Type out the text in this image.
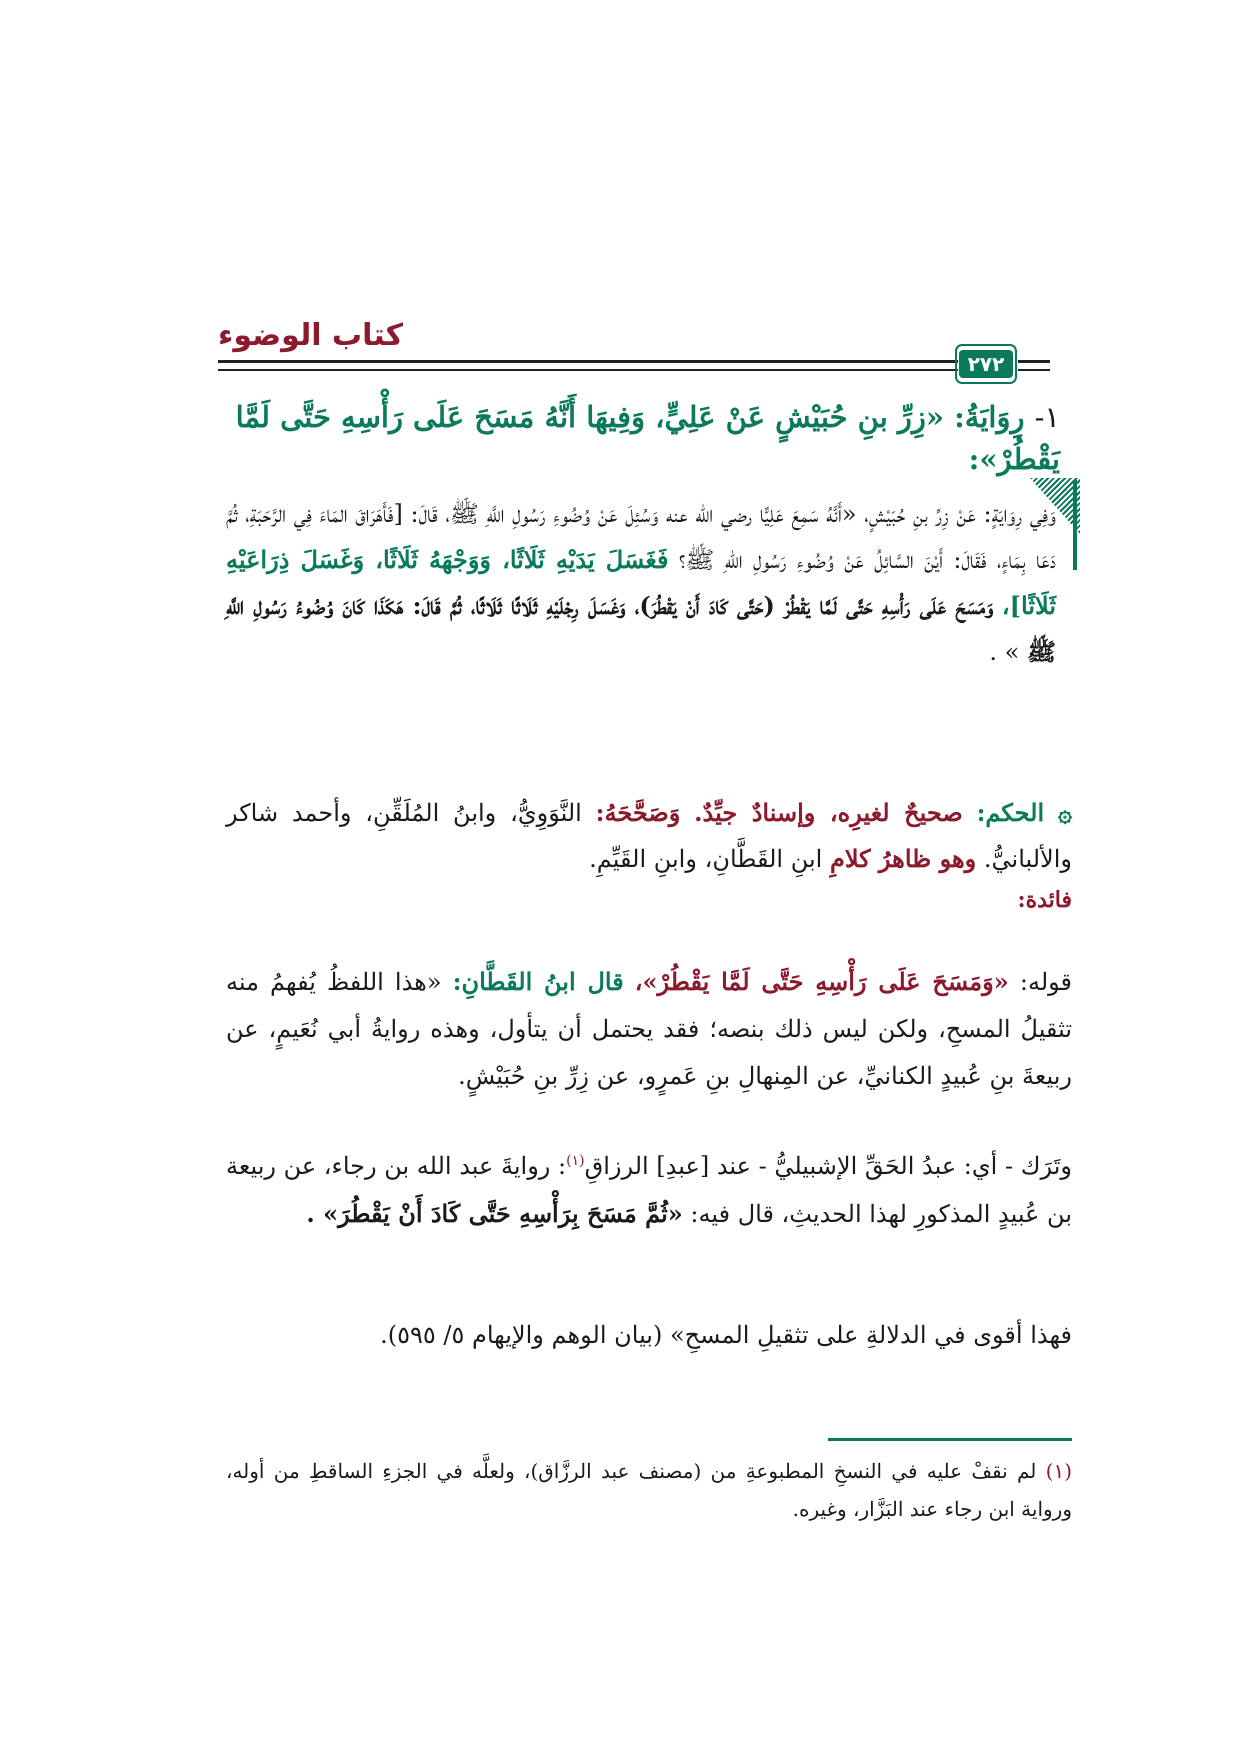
كتاب الوضوء
٢٧٢
١- رِوَايَةُ: «زِرِّ بنِ حُبَيْشٍ عَنْ عَلِيٍّ، وَفِيهَا أَنَّهُ مَسَحَ عَلَى رَأْسِهِ حَتَّى لَمَّا يَقْطُرْ»:

وَفِي رِوَايَةٍ: عَنْ زِرِّ بنِ حُبَيْشٍ، «أَنَّهُ سَمِعَ عَلِيًّا رضي الله عنه وَسُئِلَ عَنْ وُضُوءِ رَسُولِ اللَّهِ ﷺ، قَالَ: [فَأَهَرَاقَ المَاءَ فِي الرَّحَبَةِ، ثُمَّ دَعَا بِمَاءٍ، فَقَالَ: أَيْنَ السَّائِلُ عَنْ وُضُوءِ رَسُولِ اللهِ ﷺ؟ فَغَسَلَ يَدَيْهِ ثَلَاثًا، وَوَجْهَهُ ثَلَاثًا، وَغَسَلَ ذِرَاعَيْهِ ثَلَاثًا]، وَمَسَحَ عَلَى رَأْسِهِ حَتَّى لَمَّا يَقْطُرْ (حَتَّى كَادَ أَنْ يَقْطُرَ)، وَغَسَلَ رِجْلَيْهِ ثَلَاثًا ثَلَاثًا، ثُمَّ قَالَ: هَكَذَا كَانَ وُضُوءُ رَسُولِ اللَّهِ ﷺ » .

۞ الحكم: صحيحٌ لغيرِه، وإسنادٌ جيِّدٌ. وَصَحَّحَهُ: النَّوَوِيُّ، وابنُ المُلَقِّنِ، وأحمد شاكر والألبانيُّ. وهو ظاهرُ كلامِ ابنِ القَطَّانِ، وابنِ القَيِّمِ.

فائدة:

قوله: «وَمَسَحَ عَلَى رَأْسِهِ حَتَّى لَمَّا يَقْطُرْ»، قال ابنُ القَطَّانِ: «هذا اللفظُ يُفهمُ منه تثقيلُ المسحِ، ولكن ليس ذلك بنصه؛ فقد يحتمل أن يتأول، وهذه روايةُ أبي نُعَيمٍ، عن ربيعةَ بنِ عُبيدٍ الكنانيِّ، عن المِنهالِ بنِ عَمرٍو، عن زِرِّ بنِ حُبَيْشٍ.

وتَرَك - أي: عبدُ الحَقِّ الإشبيليُّ - عند [عبدِ] الرزاقِ$^{(١)}$: روايةَ عبد الله بن رجاء، عن ربيعة بن عُبيدٍ المذكورِ لهذا الحديثِ، قال فيه: «ثُمَّ مَسَحَ بِرَأْسِهِ حَتَّى كَادَ أَنْ يَقْطُرَ» .

فهذا أقوى في الدلالةِ على تثقيلِ المسحِ» (بيان الوهم والإيهام ٥/ ٥٩٥).

(١) لم نقفْ عليه في النسخِ المطبوعةِ من (مصنف عبد الرزَّاق)، ولعلَّه في الجزءِ الساقطِ من أوله، ورواية ابن رجاء عند البَزَّار، وغيره.
